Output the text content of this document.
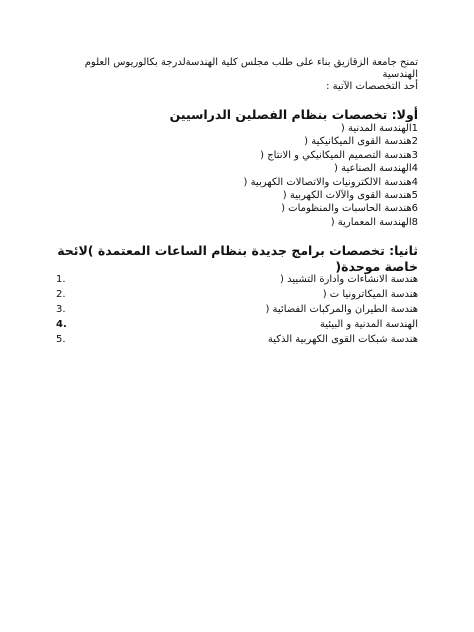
تمنح جامعة الزقازيق بناء على طلب مجلس كلية الهندسةلدرجة بكالوريوس العلوم الهندسية

أحد التخصصات الآتية :

أولا: تخصصات بنظام الفصلين الدراسيين
1الهندسة المدنية (
2هندسة القوى الميكانيكية (
3هندسة التصميم الميكانيكي و الانتاج (
4الهندسة الصناعية (
4هندسة الالكترونيات والاتصالات الكهربية (
5هندسة القوى والآلات الكهربية (
6هندسة الحاسبات والمنظومات (
8الهندسة المعمارية (
ثانيا: تخصصات برامج جديدة بنظام الساعات المعتمدة )لائحة خاصة موحدة(
1.	هندسة الانشاءات وادارة التشييد (
2.	هندسة الميكاترونيا ت (
3.	هندسة الطيران والمركبات الفضائية (
4.	الهندسة المدنية و البيئية
5.	هندسة شبكات القوى الكهربية الذكية
